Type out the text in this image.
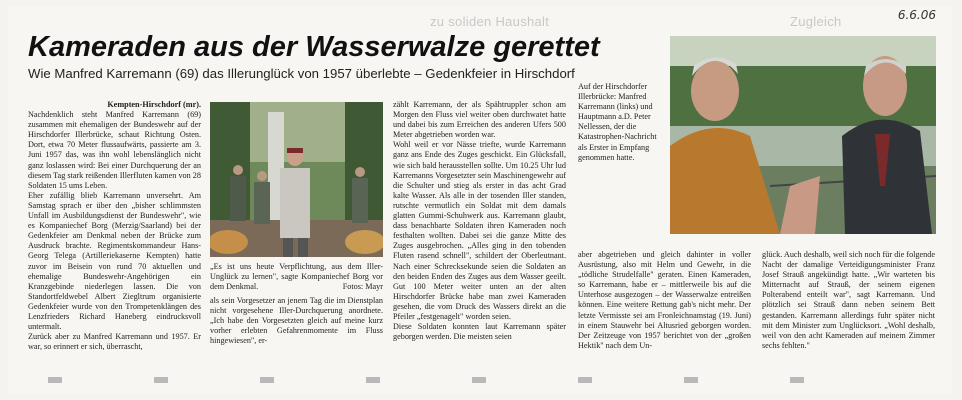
zu soliden Haushalt	Zugleich	6.6.06
Kameraden aus der Wasserwalze gerettet
Wie Manfred Karremann (69) das Illerunglück von 1957 überlebte – Gedenkfeier in Hirschdorf

Kempten-Hirschdorf (mr).

Nachdenklich steht Manfred Karremann (69) zusammen mit ehemaligen der Bundeswehr auf der Hirschdorfer Illerbrücke, schaut Richtung Osten. Dort, etwa 70 Meter flussaufwärts, passierte am 3. Juni 1957 das, was ihn wohl lebenslänglich nicht ganz loslassen wird: Bei einer Durchquerung der an diesem Tag stark reißenden Illerfluten kamen von 28 Soldaten 15 ums Leben.

Eher zufällig blieb Karremann unversehrt. Am Samstag sprach er über den „bisher schlimmsten Unfall im Ausbildungsdienst der Bundeswehr", wie es Kompaniechef Borg (Merzig/Saarland) bei der Gedenkfeier am Denkmal neben der Brücke zum Ausdruck brachte. Regimentskommandeur Hans-Georg Telega (Artilleriekaserne Kempten) hatte zuvor im Beisein von rund 70 aktuellen und ehemalige Bundeswehr-Angehörigen ein Kranzgebinde niederlegen lassen. Die von Standortfeldwebel Albert Ziegltrum organisierte Gedenkfeier wurde von den Trompetenklängen des Lenzfrieders Richard Haneberg eindrucksvoll untermalt.

Zurück aber zu Manfred Karremann und 1957. Er war, so erinnert er sich, überrascht,

„Es ist uns heute Verpflichtung, aus dem Iller-Unglück zu lernen", sagte Kompaniechef Borg vor dem Denkmal.	Fotos: Mayr

als sein Vorgesetzer an jenem Tag die im Dienstplan nicht vorgesehene Iller-Durchquerung anordnete. „Ich habe den Vorgesetzten gleich auf meine kurz vorher erlebten Gefahrenmomente im Fluss hingewiesen", er-

zählt Karremann, der als Spähtruppler schon am Morgen den Fluss viel weiter oben durchwatet hatte und dabei bis zum Erreichen des anderen Ufers 500 Meter abgetrieben worden war.

Wohl weil er vor Nässe triefte, wurde Karremann ganz ans Ende des Zuges geschickt. Ein Glücksfall, wie sich bald herausstellen sollte. Um 10.25 Uhr lud Karremanns Vorgesetzter sein Maschinengewehr auf die Schulter und stieg als erster in das acht Grad kalte Wasser. Als alle in der tosenden Iller standen, rutschte vermutlich ein Soldat mit dem damals glatten Gummi-Schuhwerk aus. Karremann glaubt, dass benachbarte Soldaten ihren Kameraden noch festhalten wollten. Dabei sei die ganze Mitte des Zuges ausgebrochen. „Alles ging in den tobenden Fluten rasend schnell", schildert der Oberleutnant. Nach einer Schrecksekunde seien die Soldaten an den beiden Enden des Zuges aus dem Wasser geeilt. Gut 100 Meter weiter unten an der alten Hirschdorfer Brücke habe man zwei Kameraden gesehen, die vom Druck des Wassers direkt an die Pfeiler „festgenagelt" worden seien.

Diese Soldaten konnten laut Karremann später geborgen werden. Die meisten seien

Auf der Hirschdorfer Illerbrücke: Manfred Karremann (links) und Hauptmann a.D. Peter Nellessen, der die Katastrophen-Nachricht als Erster in Empfang genommen hatte.

aber abgetrieben und gleich dahinter in voller Ausrüstung, also mit Helm und Gewehr, in die „tödliche Strudelfalle" geraten. Einen Kameraden, so Karremann, habe er – mittlerweile bis auf die Unterhose ausgezogen – der Wasserwalze entreißen können. Eine weitere Rettung gab's nicht mehr. Der letzte Vermisste sei am Fronleichnamstag (19. Juni) in einem Stauwehr bei Altusried geborgen worden. Der Zeitzeuge von 1957 berichtet von der „großen Hektik" nach dem Un-

glück. Auch deshalb, weil sich noch für die folgende Nacht der damalige Verteidigungsminister Franz Josef Strauß angekündigt hatte. „Wir warteten bis Mitternacht auf Strauß, der seinem eigenen Polterabend enteilt war", sagt Karremann. Und plötzlich sei Strauß dann neben seinem Bett gestanden. Karremann allerdings fuhr später nicht mit dem Minister zum Unglücksort. „Wohl deshalb, weil von den acht Kameraden auf meinem Zimmer sechs fehlten."
